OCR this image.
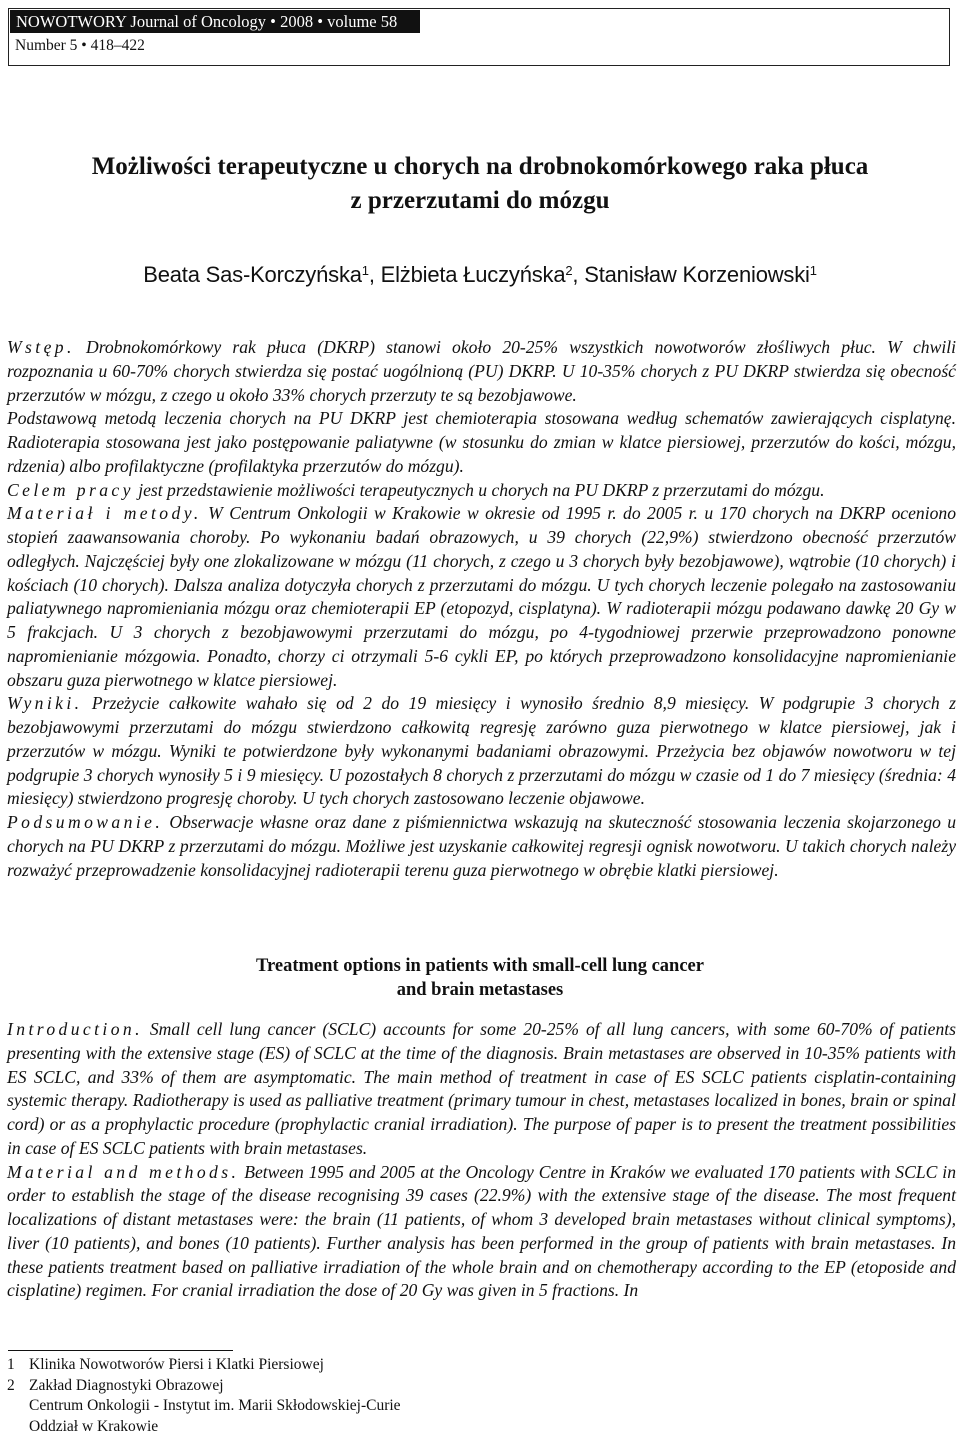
NOWOTWORY Journal of Oncology • 2008 • volume 58
Number 5 • 418–422
Możliwości terapeutyczne u chorych na drobnokomórkowego raka płuca
z przerzutami do mózgu
Beata Sas-Korczyńska$^1$, Elżbieta Łuczyńska$^2$, Stanisław Korzeniowski$^1$

Wstęp. Drobnokomórkowy rak płuca (DKRP) stanowi około 20-25% wszystkich nowotworów złośliwych płuc. W chwili rozpoznania u 60-70% chorych stwierdza się postać uogólnioną (PU) DKRP. U 10-35% chorych z PU DKRP stwierdza się obecność przerzutów w mózgu, z czego u około 33% chorych przerzuty te są bezobjawowe.

Podstawową metodą leczenia chorych na PU DKRP jest chemioterapia stosowana według schematów zawierających cisplatynę. Radioterapia stosowana jest jako postępowanie paliatywne (w stosunku do zmian w klatce piersiowej, przerzutów do kości, mózgu, rdzenia) albo profilaktyczne (profilaktyka przerzutów do mózgu).

Celem pracy jest przedstawienie możliwości terapeutycznych u chorych na PU DKRP z przerzutami do mózgu.

Materiał i metody. W Centrum Onkologii w Krakowie w okresie od 1995 r. do 2005 r. u 170 chorych na DKRP oceniono stopień zaawansowania choroby. Po wykonaniu badań obrazowych, u 39 chorych (22,9%) stwierdzono obecność przerzutów odległych. Najczęściej były one zlokalizowane w mózgu (11 chorych, z czego u 3 chorych były bezobjawowe), wątrobie (10 chorych) i kościach (10 chorych). Dalsza analiza dotyczyła chorych z przerzutami do mózgu. U tych chorych leczenie polegało na zastosowaniu paliatywnego napromieniania mózgu oraz chemioterapii EP (etopozyd, cisplatyna). W radioterapii mózgu podawano dawkę 20 Gy w 5 frakcjach. U 3 chorych z bezobjawowymi przerzutami do mózgu, po 4-tygodniowej przerwie przeprowadzono ponowne napromienianie mózgowia. Ponadto, chorzy ci otrzymali 5-6 cykli EP, po których przeprowadzono konsolidacyjne napromienianie obszaru guza pierwotnego w klatce piersiowej.

Wyniki. Przeżycie całkowite wahało się od 2 do 19 miesięcy i wynosiło średnio 8,9 miesięcy. W podgrupie 3 chorych z bezobjawowymi przerzutami do mózgu stwierdzono całkowitą regresję zarówno guza pierwotnego w klatce piersiowej, jak i przerzutów w mózgu. Wyniki te potwierdzone były wykonanymi badaniami obrazowymi. Przeżycia bez objawów nowotworu w tej podgrupie 3 chorych wynosiły 5 i 9 miesięcy. U pozostałych 8 chorych z przerzutami do mózgu w czasie od 1 do 7 miesięcy (średnia: 4 miesięcy) stwierdzono progresję choroby. U tych chorych zastosowano leczenie objawowe.

Podsumowanie. Obserwacje własne oraz dane z piśmiennictwa wskazują na skuteczność stosowania leczenia skojarzonego u chorych na PU DKRP z przerzutami do mózgu. Możliwe jest uzyskanie całkowitej regresji ognisk nowotworu. U takich chorych należy rozważyć przeprowadzenie konsolidacyjnej radioterapii terenu guza pierwotnego w obrębie klatki piersiowej.

Treatment options in patients with small-cell lung cancer
and brain metastases

Introduction. Small cell lung cancer (SCLC) accounts for some 20-25% of all lung cancers, with some 60-70% of patients presenting with the extensive stage (ES) of SCLC at the time of the diagnosis. Brain metastases are observed in 10-35% patients with ES SCLC, and 33% of them are asymptomatic. The main method of treatment in case of ES SCLC patients cisplatin-containing systemic therapy. Radiotherapy is used as palliative treatment (primary tumour in chest, metastases localized in bones, brain or spinal cord) or as a prophylactic procedure (prophylactic cranial irradiation). The purpose of paper is to present the treatment possibilities in case of ES SCLC patients with brain metastases.

Material and methods. Between 1995 and 2005 at the Oncology Centre in Kraków we evaluated 170 patients with SCLC in order to establish the stage of the disease recognising 39 cases (22.9%) with the extensive stage of the disease. The most frequent localizations of distant metastases were: the brain (11 patients, of whom 3 developed brain metastases without clinical symptoms), liver (10 patients), and bones (10 patients). Further analysis has been performed in the group of patients with brain metastases. In these patients treatment based on palliative irradiation of the whole brain and on chemotherapy according to the EP (etoposide and cisplatine) regimen. For cranial irradiation the dose of 20 Gy was given in 5 fractions. In

1 Klinika Nowotworów Piersi i Klatki Piersiowej
2 Zakład Diagnostyki Obrazowej
Centrum Onkologii - Instytut im. Marii Skłodowskiej-Curie
Oddział w Krakowie
